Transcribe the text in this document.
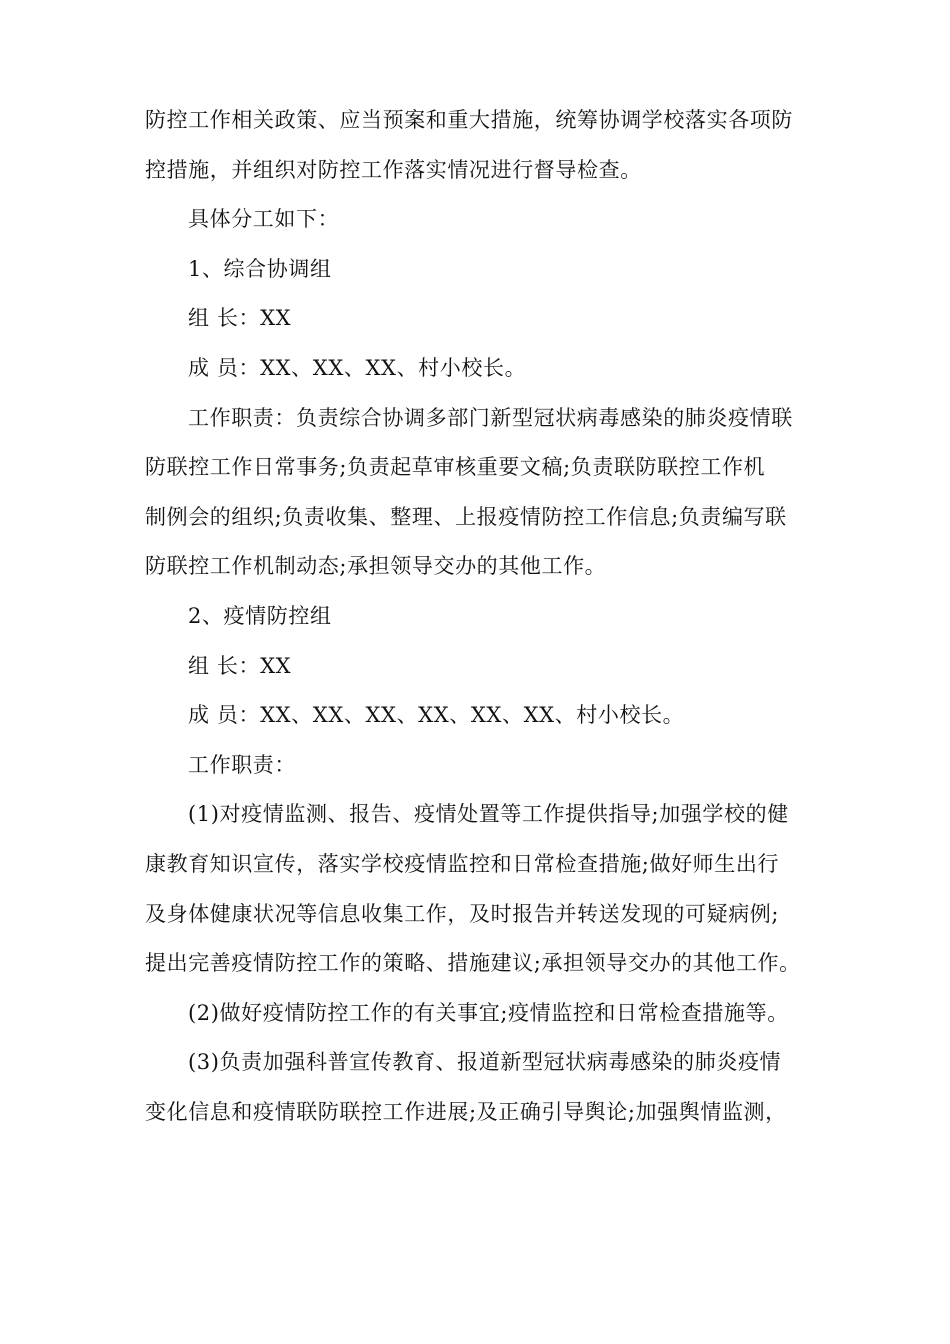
防控工作相关政策、应当预案和重大措施，统筹协调学校落实各项防
控措施，并组织对防控工作落实情况进行督导检查。
具体分工如下：
1、综合协调组
组 长：XX
成 员：XX、XX、XX、村小校长。
工作职责：负责综合协调多部门新型冠状病毒感染的肺炎疫情联
防联控工作日常事务;负责起草审核重要文稿;负责联防联控工作机
制例会的组织;负责收集、整理、上报疫情防控工作信息;负责编写联
防联控工作机制动态;承担领导交办的其他工作。
2、疫情防控组
组 长：XX
成 员：XX、XX、XX、XX、XX、XX、村小校长。
工作职责：
(1)对疫情监测、报告、疫情处置等工作提供指导;加强学校的健
康教育知识宣传，落实学校疫情监控和日常检查措施;做好师生出行
及身体健康状况等信息收集工作，及时报告并转送发现的可疑病例;
提出完善疫情防控工作的策略、措施建议;承担领导交办的其他工作。
(2)做好疫情防控工作的有关事宜;疫情监控和日常检查措施等。
(3)负责加强科普宣传教育、报道新型冠状病毒感染的肺炎疫情
变化信息和疫情联防联控工作进展;及正确引导舆论;加强舆情监测，
